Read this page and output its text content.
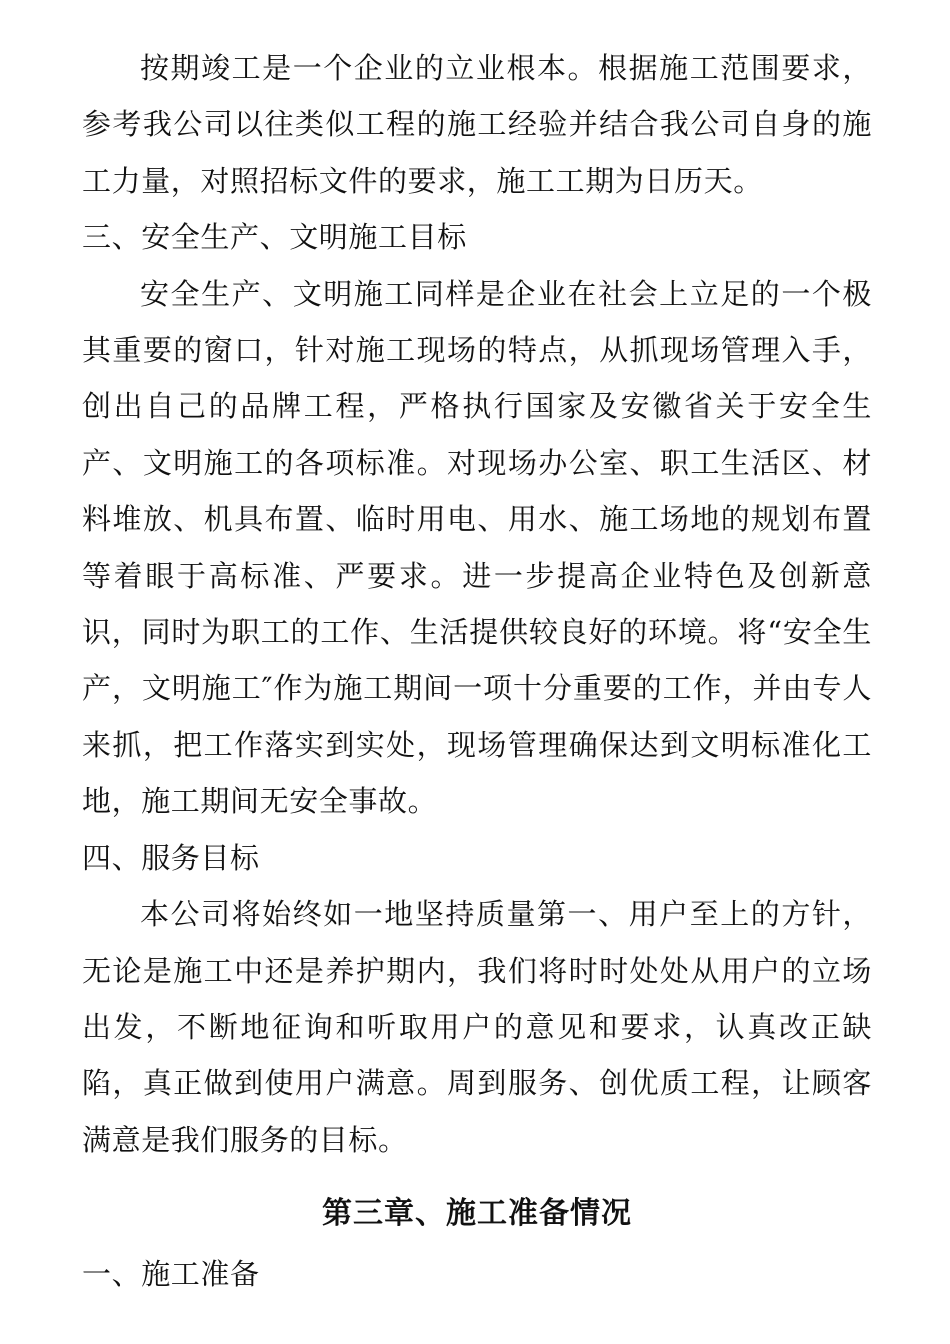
按期竣工是一个企业的立业根本。根据施工范围要求，参考我公司以往类似工程的施工经验并结合我公司自身的施工力量，对照招标文件的要求，施工工期为日历天。

三、安全生产、文明施工目标

安全生产、文明施工同样是企业在社会上立足的一个极其重要的窗口，针对施工现场的特点，从抓现场管理入手，创出自己的品牌工程，严格执行国家及安徽省关于安全生产、文明施工的各项标准。对现场办公室、职工生活区、材料堆放、机具布置、临时用电、用水、施工场地的规划布置等着眼于高标准、严要求。进一步提高企业特色及创新意识，同时为职工的工作、生活提供较良好的环境。将“安全生产，文明施工″作为施工期间一项十分重要的工作，并由专人来抓，把工作落实到实处，现场管理确保达到文明标准化工地，施工期间无安全事故。

四、服务目标

本公司将始终如一地坚持质量第一、用户至上的方针，无论是施工中还是养护期内，我们将时时处处从用户的立场出发，不断地征询和听取用户的意见和要求，认真改正缺陷，真正做到使用户满意。周到服务、创优质工程，让顾客满意是我们服务的目标。

第三章、施工准备情况

一、施工准备
